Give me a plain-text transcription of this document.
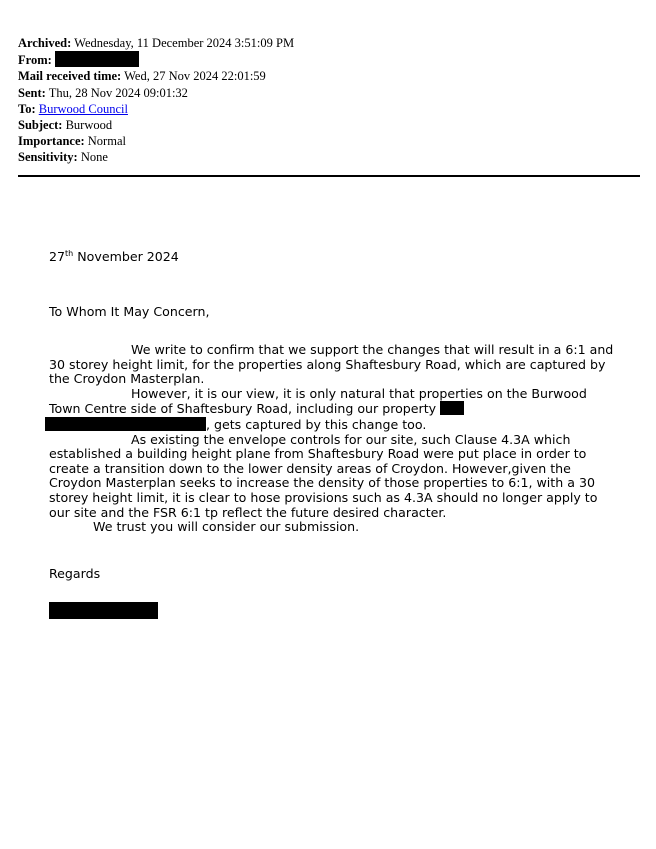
Archived: Wednesday, 11 December 2024 3:51:09 PM
From:
Mail received time: Wed, 27 Nov 2024 22:01:59
Sent: Thu, 28 Nov 2024 09:01:32
To: Burwood Council
Subject: Burwood
Importance: Normal
Sensitivity: None
27th November 2024
To Whom It May Concern,

We write to confirm that we support the changes that will result in a 6:1 and 30 storey height limit, for the properties along Shaftesbury Road, which are captured by the Croydon Masterplan.

However, it is our view, it is only natural that properties on the Burwood Town Centre side of Shaftesbury Road, including our property  , gets captured by this change too.

As existing the envelope controls for our site, such Clause 4.3A which established a building height plane from Shaftesbury Road were put place in order to create a transition down to the lower density areas of Croydon. However,given the Croydon Masterplan seeks to increase the density of those properties to 6:1, with a 30 storey height limit, it is clear to hose provisions such as 4.3A should no longer apply to our site and the FSR 6:1 tp reflect the future desired character.

We trust you will consider our submission.

Regards
